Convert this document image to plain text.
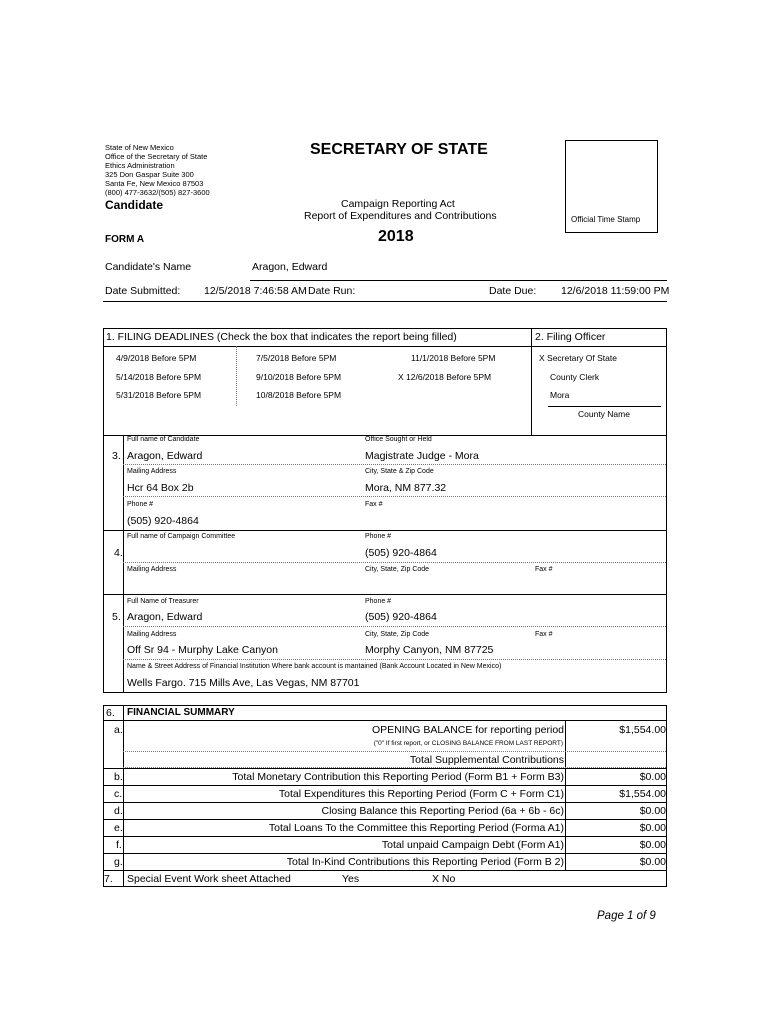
State of New Mexico
Office of the Secretary of State
Ethics Administration
325 Don Gaspar Suite 300
Santa Fe, New Mexico 87503
(800) 477-3632/(505) 827-3600
SECRETARY OF STATE
Candidate	Campaign Reporting Act
Report of Expenditures and Contributions
FORM A	2018
Official Time Stamp
Candidate's Name	Aragon, Edward
Date Submitted: 12/5/2018 7:46:58 AM Date Run:	Date Due: 12/6/2018 11:59:00 PM
1. FILING DEADLINES (Check the box that indicates the report being filled)	2. Filing Officer
4/9/2018 Before 5PM	7/5/2018 Before 5PM	11/1/2018 Before 5PM
5/14/2018 Before 5PM	9/10/2018 Before 5PM	X 12/6/2018 Before 5PM
5/31/2018 Before 5PM	10/8/2018 Before 5PM
X Secretary Of State
County Clerk
Mora
County Name
Full name of Candidate	Office Sought or Held
3. Aragon, Edward	Magistrate Judge - Mora
Mailing Address	City, State & Zip Code
Hcr 64 Box 2b	Mora, NM 877.32
Phone #	Fax #
(505) 920-4864
Full name of Campaign Committee	Phone #
4.	(505) 920-4864
Mailing Address	City, State, Zip Code	Fax #
Full Name of Treasurer	Phone #
5. Aragon, Edward	(505) 920-4864
Mailing Address	City, State, Zip Code	Fax #
Off Sr 94 - Murphy Lake Canyon	Morphy Canyon, NM 87725
Name & Street Address of Financial Institution Where bank account is mantained (Bank Account Located in New Mexico)
Wells Fargo. 715 Mills Ave, Las Vegas, NM 87701
6. FINANCIAL SUMMARY
a.	OPENING BALANCE for reporting period	$1,554.00
("0" If first report, or CLOSING BALANCE FROM LAST REPORT)
Total Supplemental Contributions
b.	Total Monetary Contribution this Reporting Period (Form B1 + Form B3)	$0.00
c.	Total Expenditures this Reporting Period (Form C + Form C1)	$1,554.00
d.	Closing Balance this Reporting Period (6a + 6b - 6c)	$0.00
e.	Total Loans To the Committee this Reporting Period (Forma A1)	$0.00
f.	Total unpaid Campaign Debt (Form A1)	$0.00
g.	Total In-Kind Contributions this Reporting Period (Form B 2)	$0.00
7. Special Event Work sheet Attached	Yes	X No
Page 1 of 9
